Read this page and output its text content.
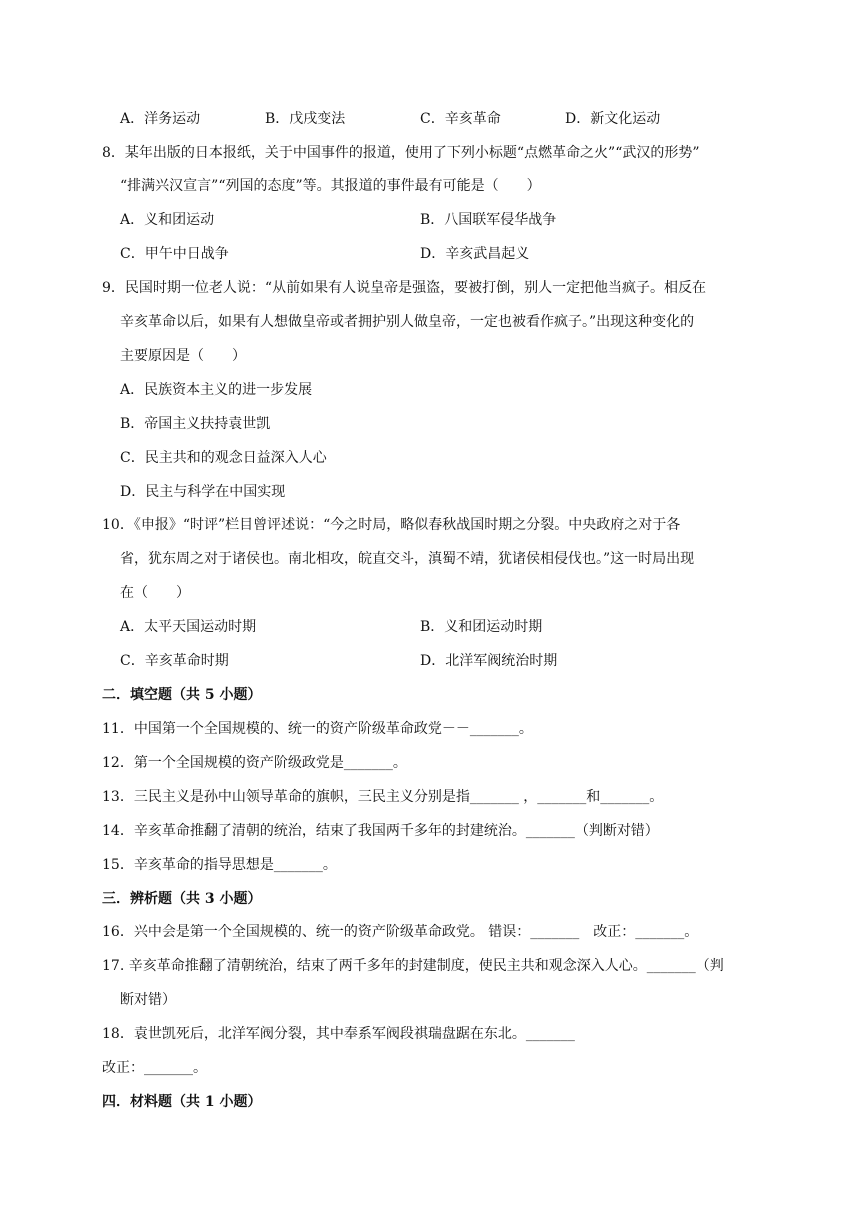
A．洋务运动	B．戊戌变法	C．辛亥革命	D．新文化运动
8．某年出版的日本报纸，关于中国事件的报道，使用了下列小标题“点燃革命之火”“武汉的形势”
“排满兴汉宣言”“列国的态度”等。其报道的事件最有可能是（　　）
A．义和团运动	B．八国联军侵华战争
C．甲午中日战争	D．辛亥武昌起义
9．民国时期一位老人说：“从前如果有人说皇帝是强盗，要被打倒，别人一定把他当疯子。相反在
辛亥革命以后，如果有人想做皇帝或者拥护别人做皇帝，一定也被看作疯子。”出现这种变化的
主要原因是（　　）
A．民族资本主义的进一步发展
B．帝国主义扶持袁世凯
C．民主共和的观念日益深入人心
D．民主与科学在中国实现
10．《申报》“时评”栏目曾评述说：“今之时局，略似春秋战国时期之分裂。中央政府之对于各
省，犹东周之对于诸侯也。南北相攻，皖直交斗，滇蜀不靖，犹诸侯相侵伐也。”这一时局出现
在（　　）
A．太平天国运动时期	B．义和团运动时期
C．辛亥革命时期	D．北洋军阀统治时期
二．填空题（共 5 小题）
11．中国第一个全国规模的、统一的资产阶级革命政党－－_______。
12．第一个全国规模的资产阶级政党是_______。
13．三民主义是孙中山领导革命的旗帜，三民主义分别是指_______ ，_______和_______。
14．辛亥革命推翻了清朝的统治，结束了我国两千多年的封建统治。_______（判断对错）
15．辛亥革命的指导思想是_______。
三．辨析题（共 3 小题）
16．兴中会是第一个全国规模的、统一的资产阶级革命政党。 错误：_______　改正：_______。
17. 辛亥革命推翻了清朝统治，结束了两千多年的封建制度，使民主共和观念深入人心。_______（判
断对错）
18．袁世凯死后，北洋军阀分裂，其中奉系军阀段祺瑞盘踞在东北。_______
改正：_______。
四．材料题（共 1 小题）
